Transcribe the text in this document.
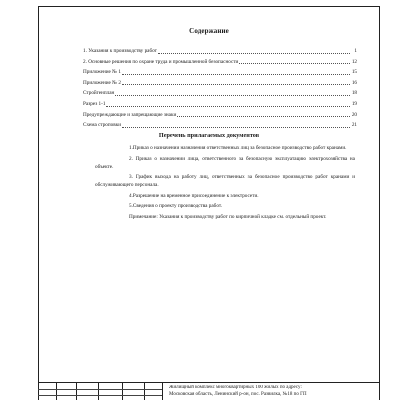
Содержание
1. Указания к производству работ	1
2. Основные решения по охране труда и промышленной безопасности	12
Приложение № 1	15
Приложение № 2	16
Стройгенплан	18
Разрез 1-1	19
Предупреждающие и запрещающие знаки	20
Схема строповки	21
Перечень прилагаемых документов

1.Приказ о назначении назначения ответственных лиц за безопасное производство работ кранами.

2. Приказ о назначении лица, ответственного за безопасную эксплуатацию электрохозяйства на объекте.

3. График выхода на работу лиц, ответственных за безопасное производство работ кранами и обслуживающего персонала.

4.Разрешение на временное присоединение к электросети.

5.Сведения о проекту производства работ.

Примечание: Указания к производству работ по кирпичной кладке см. отдельный проект.

Жилищный комплекс многоквартирных 100 жилых по адресу:
Московская область, Ленинский р-он, пос. Развилка, №18 по ГП
